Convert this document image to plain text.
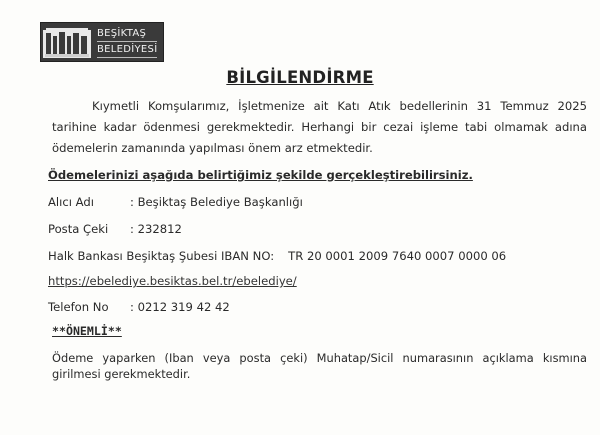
BEŞİKTAŞ
BELEDİYESİ
BİLGİLENDİRME
Kıymetli Komşularımız, İşletmenize ait Katı Atık bedellerinin 31 Temmuz 2025 tarihine kadar ödenmesi gerekmektedir. Herhangi bir cezai işleme tabi olmamak adına ödemelerin zamanında yapılması önem arz etmektedir.
Ödemelerinizi aşağıda belirtiğimiz şekilde gerçekleştirebilirsiniz.
Alıcı Adı	: Beşiktaş Belediye Başkanlığı
Posta Çeki : 232812
Halk Bankası Beşiktaş Şubesi IBAN NO: TR 20 0001 2009 7640 0007 0000 06
https://ebelediye.besiktas.bel.tr/ebelediye/
Telefon No : 0212 319 42 42
**ÖNEMLİ**
Ödeme yaparken (Iban veya posta çeki) Muhatap/Sicil numarasının açıklama kısmına girilmesi gerekmektedir.
